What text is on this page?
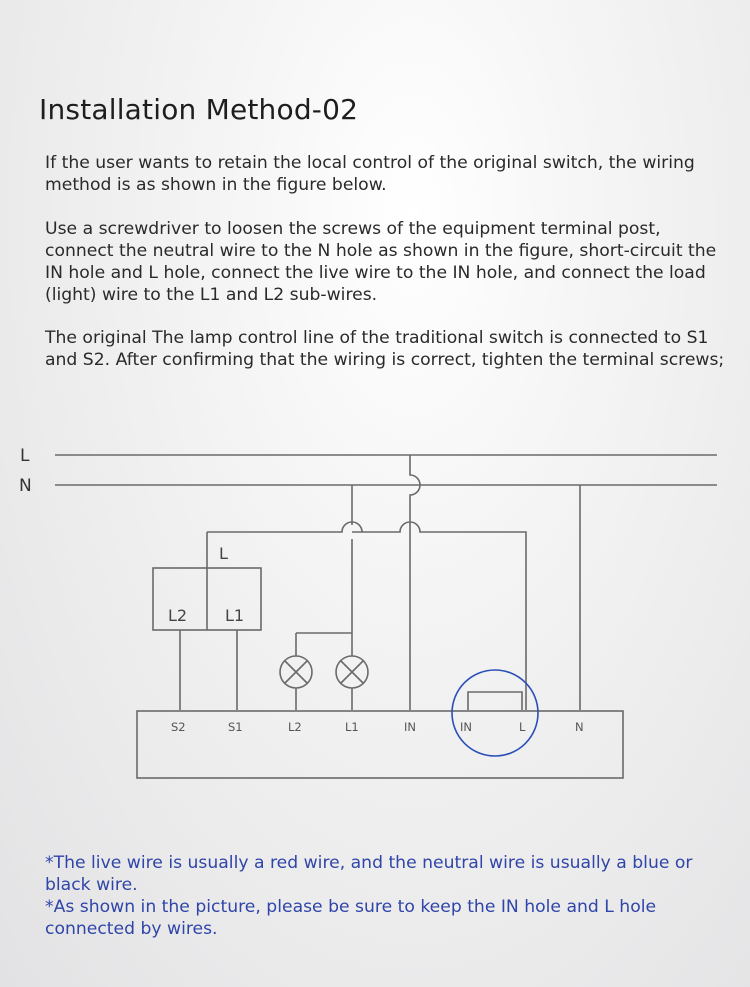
Installation Method-02

If the user wants to retain the local control of the original switch, the wiring method is as shown in the figure below.

Use a screwdriver to loosen the screws of the equipment terminal post, connect the neutral wire to the N hole as shown in the figure, short-circuit the IN hole and L hole, connect the live wire to the IN hole, and connect the load (light) wire to the L1 and L2 sub-wires.

The original The lamp control line of the traditional switch is connected to S1 and S2. After confirming that the wiring is correct, tighten the terminal screws;

L
N
L
L2 L1
S2	S1	L2	L1	IN	IN	L	N
*The live wire is usually a red wire, and the neutral wire is usually a blue or black wire.
*As shown in the picture, please be sure to keep the IN hole and L hole connected by wires.
